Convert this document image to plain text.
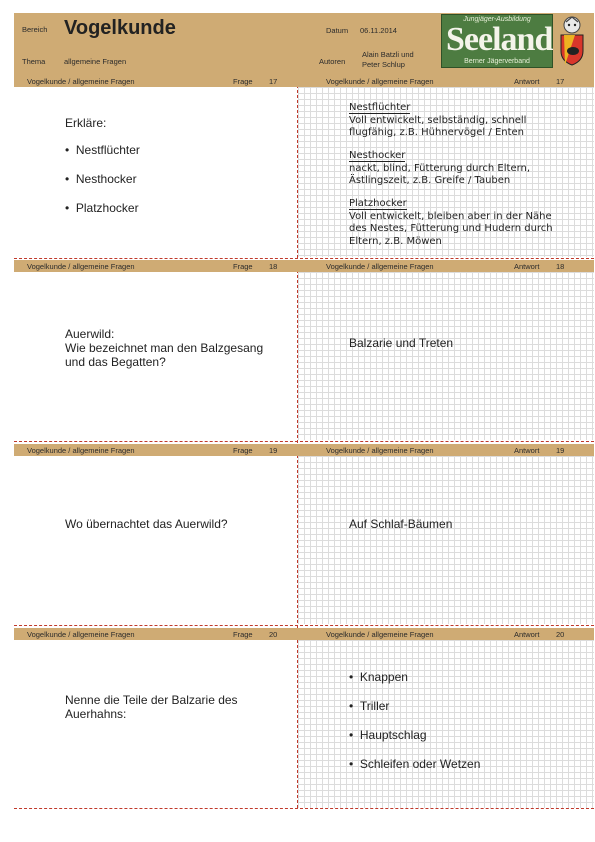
Bereich Vogelkunde
Thema allgemeine Fragen
Datum 06.11.2014
Autoren
Alain Batzli und
Peter Schlup
Jungjäger-Ausbildung
Seeland
Berner Jägerverband
Vogelkunde / allgemeine Fragen	Frage 17	Vogelkunde / allgemeine Fragen	Antwort 17
Erkläre:
•  Nestflüchter
•  Nesthocker
•  Platzhocker
Nestflüchter
Voll entwickelt, selbständig, schnell
flugfähig, z.B. Hühnervögel / Enten
Nesthocker
nackt, blind, Fütterung durch Eltern,
Ästlingszeit, z.B. Greife / Tauben
Platzhocker
Voll entwickelt, bleiben aber in der Nähe
des Nestes, Fütterung und Hudern durch
Eltern, z.B. Möwen
Vogelkunde / allgemeine Fragen	Frage 18	Vogelkunde / allgemeine Fragen	Antwort 18
Auerwild:
Wie bezeichnet man den Balzgesang
und das Begatten?
Balzarie und Treten
Vogelkunde / allgemeine Fragen	Frage 19	Vogelkunde / allgemeine Fragen	Antwort 19
Wo übernachtet das Auerwild?	Auf Schlaf-Bäumen
Vogelkunde / allgemeine Fragen	Frage 20	Vogelkunde / allgemeine Fragen	Antwort 20
Nenne die Teile der Balzarie des
Auerhahns:
•  Knappen
•  Triller
•  Hauptschlag
•  Schleifen oder Wetzen
